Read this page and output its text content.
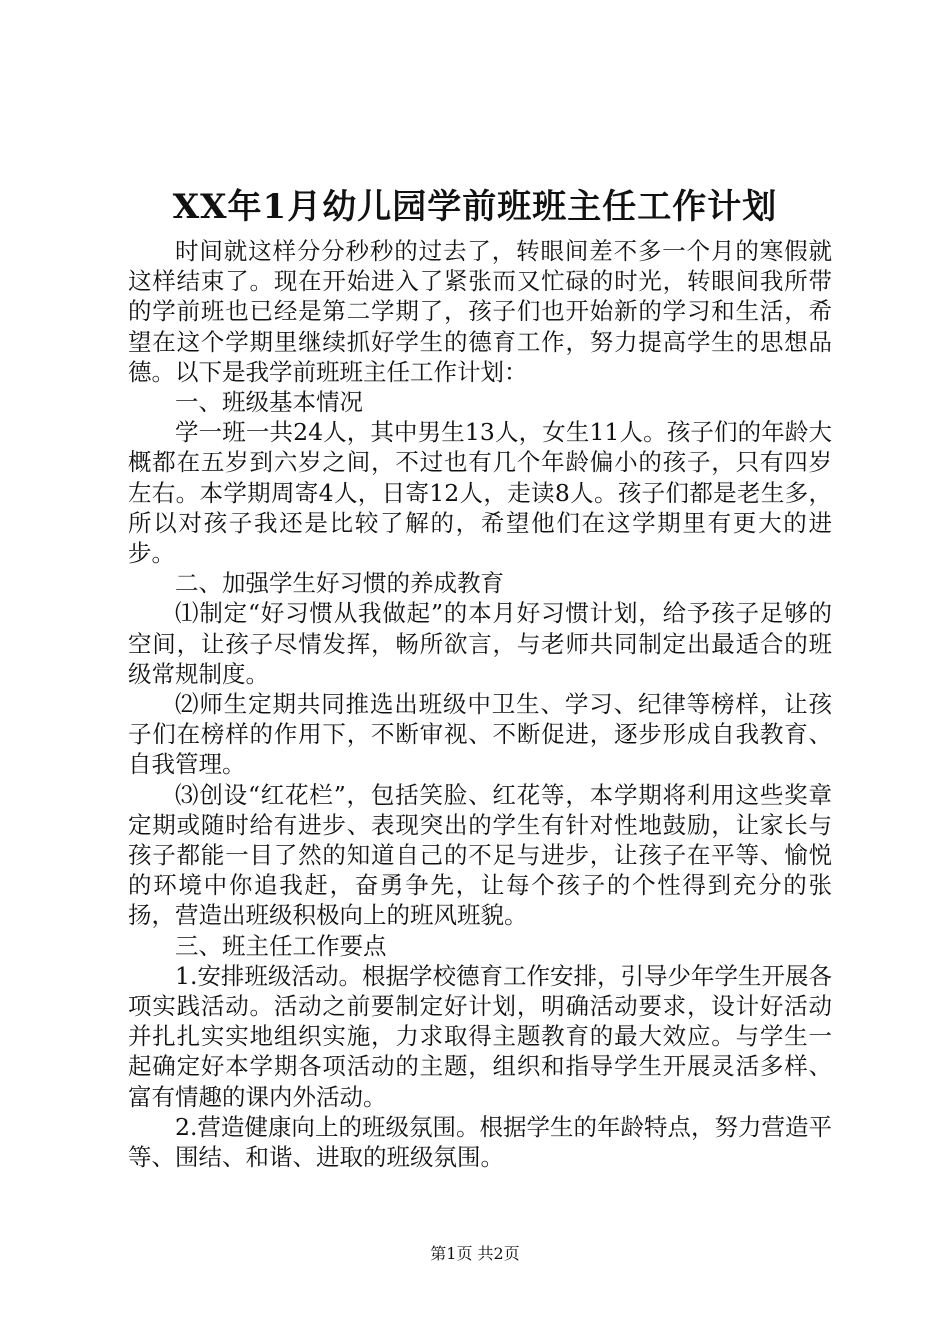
XX年1月幼儿园学前班班主任工作计划

时间就这样分分秒秒的过去了，转眼间差不多一个月的寒假就这样结束了。现在开始进入了紧张而又忙碌的时光，转眼间我所带的学前班也已经是第二学期了，孩子们也开始新的学习和生活，希望在这个学期里继续抓好学生的德育工作，努力提高学生的思想品德。以下是我学前班班主任工作计划：

一、班级基本情况

学一班一共24人，其中男生13人，女生11人。孩子们的年龄大概都在五岁到六岁之间，不过也有几个年龄偏小的孩子，只有四岁左右。本学期周寄4人，日寄12人，走读8人。孩子们都是老生多，所以对孩子我还是比较了解的，希望他们在这学期里有更大的进步。

二、加强学生好习惯的养成教育

⑴制定“好习惯从我做起”的本月好习惯计划，给予孩子足够的空间，让孩子尽情发挥，畅所欲言，与老师共同制定出最适合的班级常规制度。

⑵师生定期共同推选出班级中卫生、学习、纪律等榜样，让孩子们在榜样的作用下，不断审视、不断促进，逐步形成自我教育、自我管理。

⑶创设“红花栏”，包括笑脸、红花等，本学期将利用这些奖章定期或随时给有进步、表现突出的学生有针对性地鼓励，让家长与孩子都能一目了然的知道自己的不足与进步，让孩子在平等、愉悦的环境中你追我赶，奋勇争先，让每个孩子的个性得到充分的张扬，营造出班级积极向上的班风班貌。

三、班主任工作要点

1.安排班级活动。根据学校德育工作安排，引导少年学生开展各项实践活动。活动之前要制定好计划，明确活动要求，设计好活动并扎扎实实地组织实施，力求取得主题教育的最大效应。与学生一起确定好本学期各项活动的主题，组织和指导学生开展灵活多样、富有情趣的课内外活动。

2.营造健康向上的班级氛围。根据学生的年龄特点，努力营造平等、围结、和谐、进取的班级氛围。

第1页 共2页
